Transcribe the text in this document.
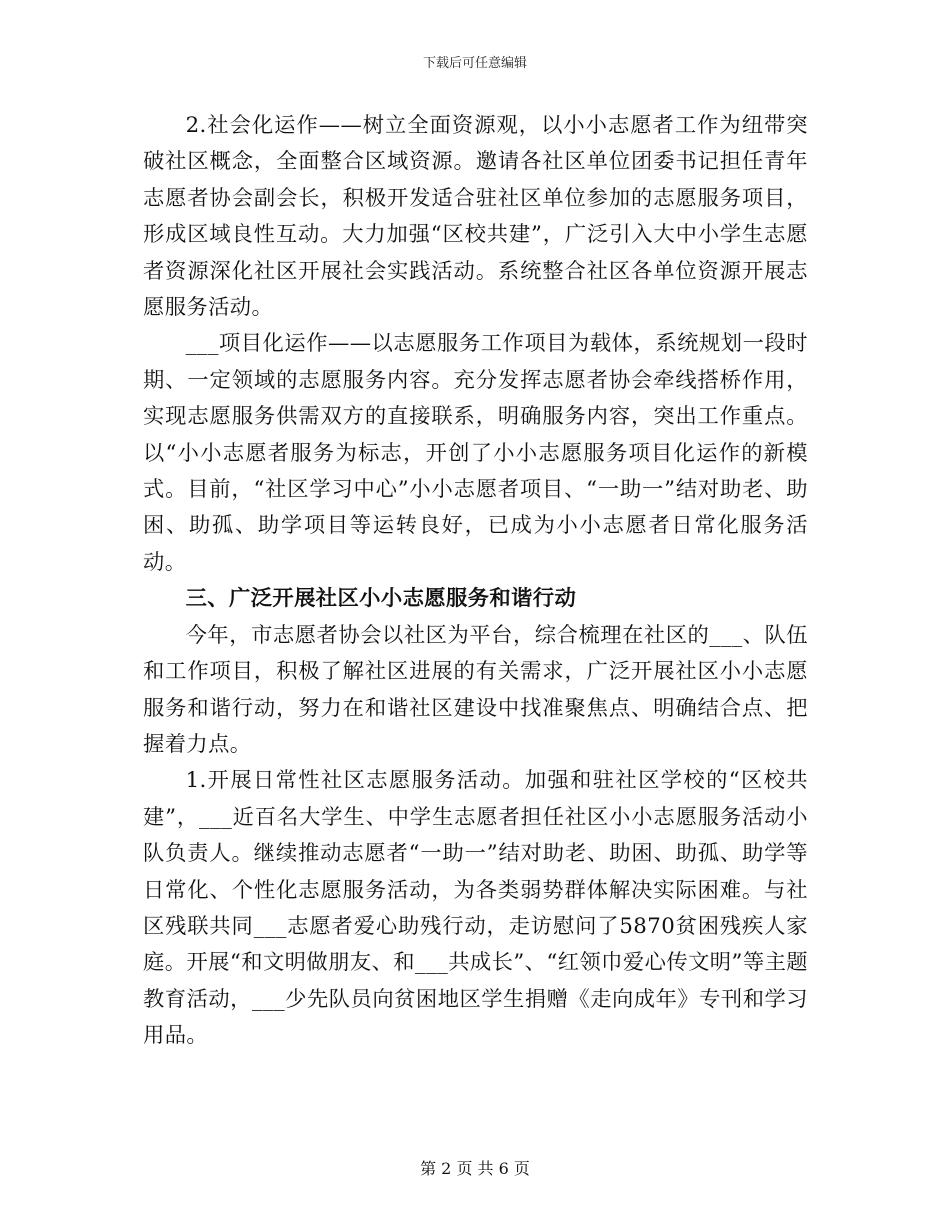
下载后可任意编辑

2.社会化运作——树立全面资源观，以小小志愿者工作为纽带突破社区概念，全面整合区域资源。邀请各社区单位团委书记担任青年志愿者协会副会长，积极开发适合驻社区单位参加的志愿服务项目，形成区域良性互动。大力加强“区校共建”，广泛引入大中小学生志愿者资源深化社区开展社会实践活动。系统整合社区各单位资源开展志愿服务活动。

___项目化运作——以志愿服务工作项目为载体，系统规划一段时期、一定领域的志愿服务内容。充分发挥志愿者协会牵线搭桥作用，实现志愿服务供需双方的直接联系，明确服务内容，突出工作重点。以“小小志愿者服务为标志，开创了小小志愿服务项目化运作的新模式。目前，“社区学习中心”小小志愿者项目、“一助一”结对助老、助困、助孤、助学项目等运转良好，已成为小小志愿者日常化服务活动。

三、广泛开展社区小小志愿服务和谐行动

今年，市志愿者协会以社区为平台，综合梳理在社区的___、队伍和工作项目，积极了解社区进展的有关需求，广泛开展社区小小志愿服务和谐行动，努力在和谐社区建设中找准聚焦点、明确结合点、把握着力点。

1.开展日常性社区志愿服务活动。加强和驻社区学校的“区校共建”，___近百名大学生、中学生志愿者担任社区小小志愿服务活动小队负责人。继续推动志愿者“一助一”结对助老、助困、助孤、助学等日常化、个性化志愿服务活动，为各类弱势群体解决实际困难。与社区残联共同___志愿者爱心助残行动，走访慰问了5870贫困残疾人家庭。开展“和文明做朋友、和___共成长”、“红领巾爱心传文明”等主题教育活动，___少先队员向贫困地区学生捐赠《走向成年》专刊和学习用品。

第 2 页 共 6 页
